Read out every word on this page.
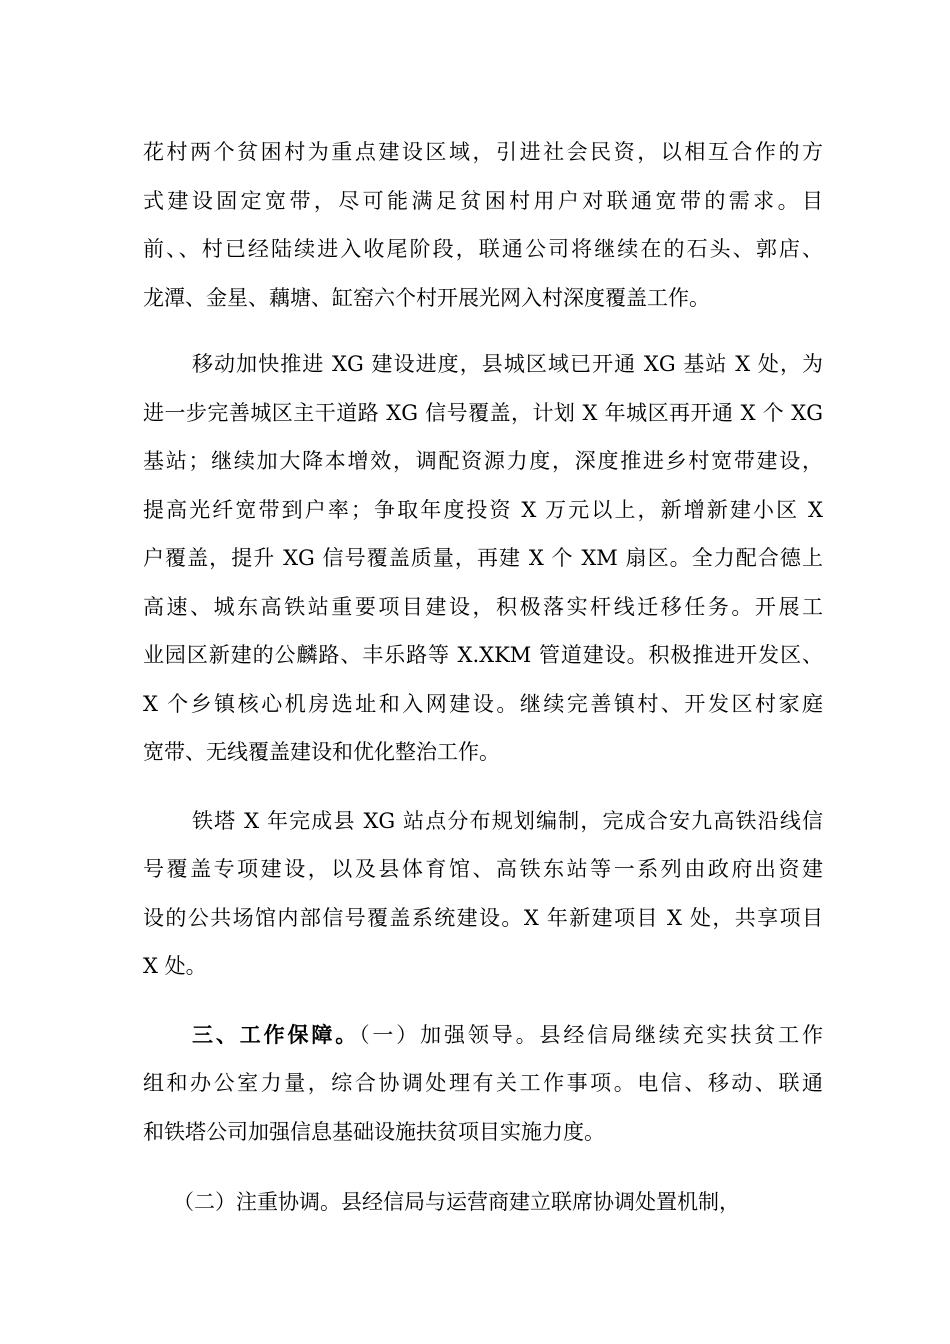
花村两个贫困村为重点建设区域，引进社会民资，以相互合作的方
式建设固定宽带，尽可能满足贫困村用户对联通宽带的需求。目
前、、村已经陆续进入收尾阶段，联通公司将继续在的石头、郭店、
龙潭、金星、藕塘、缸窑六个村开展光网入村深度覆盖工作。
移动加快推进 XG 建设进度，县城区域已开通 XG 基站 X 处，为
进一步完善城区主干道路 XG 信号覆盖，计划 X 年城区再开通 X 个 XG
基站；继续加大降本增效，调配资源力度，深度推进乡村宽带建设，
提高光纤宽带到户率；争取年度投资 X 万元以上，新增新建小区 X
户覆盖，提升 XG 信号覆盖质量，再建 X 个 XM 扇区。全力配合德上
高速、城东高铁站重要项目建设，积极落实杆线迁移任务。开展工
业园区新建的公麟路、丰乐路等 X.XKM 管道建设。积极推进开发区、
X 个乡镇核心机房选址和入网建设。继续完善镇村、开发区村家庭
宽带、无线覆盖建设和优化整治工作。
铁塔 X 年完成县 XG 站点分布规划编制，完成合安九高铁沿线信
号覆盖专项建设，以及县体育馆、高铁东站等一系列由政府出资建
设的公共场馆内部信号覆盖系统建设。X 年新建项目 X 处，共享项目
X 处。
三、工作保障。（一）加强领导。县经信局继续充实扶贫工作
组和办公室力量，综合协调处理有关工作事项。电信、移动、联通
和铁塔公司加强信息基础设施扶贫项目实施力度。
（二）注重协调。县经信局与运营商建立联席协调处置机制，
